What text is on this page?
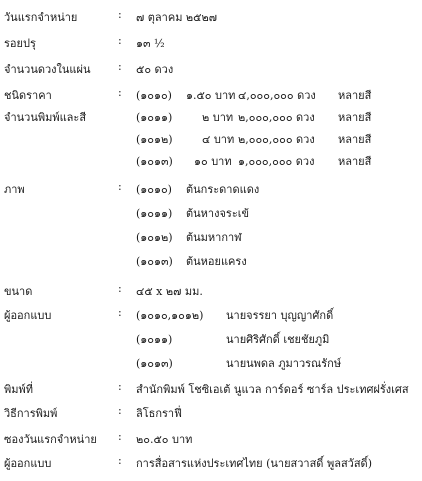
วันแรกจำหน่าย	: ๗ ตุลาคม ๒๕๒๗
รอยปรุ	: ๑๓ ½
จำนวนดวงในแผ่น	: ๕๐ ดวง
ชนิดราคา	: (๑๐๑๐) ๑.๕๐ บาท ๔,๐๐๐,๐๐๐ ดวง หลายสี
จำนวนพิมพ์และสี	(๑๐๑๑)	๒ บาท ๒,๐๐๐,๐๐๐ ดวง หลายสี
(๑๐๑๒)	๔ บาท ๒,๐๐๐,๐๐๐ ดวง หลายสี
(๑๐๑๓) ๑๐ บาท ๑,๐๐๐,๐๐๐ ดวง หลายสี
ภาพ	: (๑๐๑๐) ต้นกระดาดแดง
(๑๐๑๑) ต้นหางจระเข้
(๑๐๑๒) ต้นมหากาฬ
(๑๐๑๓) ต้นหอยแครง
ขนาด	: ๔๕ x ๒๗ มม.
ผู้ออกแบบ	: (๑๐๑๐,๑๐๑๒) นายจรรยา บุญญาศักดิ์
(๑๐๑๑)	นายศิริศักดิ์ เชยชัยภูมิ
(๑๐๑๓)	นายนพดล ภูมาวรณรักษ์
พิมพ์ที่	: สำนักพิมพ์ โชซิเอเต้ นูแวล การ์ดอร์ ซาร์ล ประเทศฝรั่งเศส
วิธีการพิมพ์	: ลิโธกราฟี่
ซองวันแรกจำหน่าย : ๒๐.๕๐ บาท
ผู้ออกแบบ	: การสื่อสารแห่งประเทศไทย (นายสวาสดิ์ พูลสวัสดิ์)
